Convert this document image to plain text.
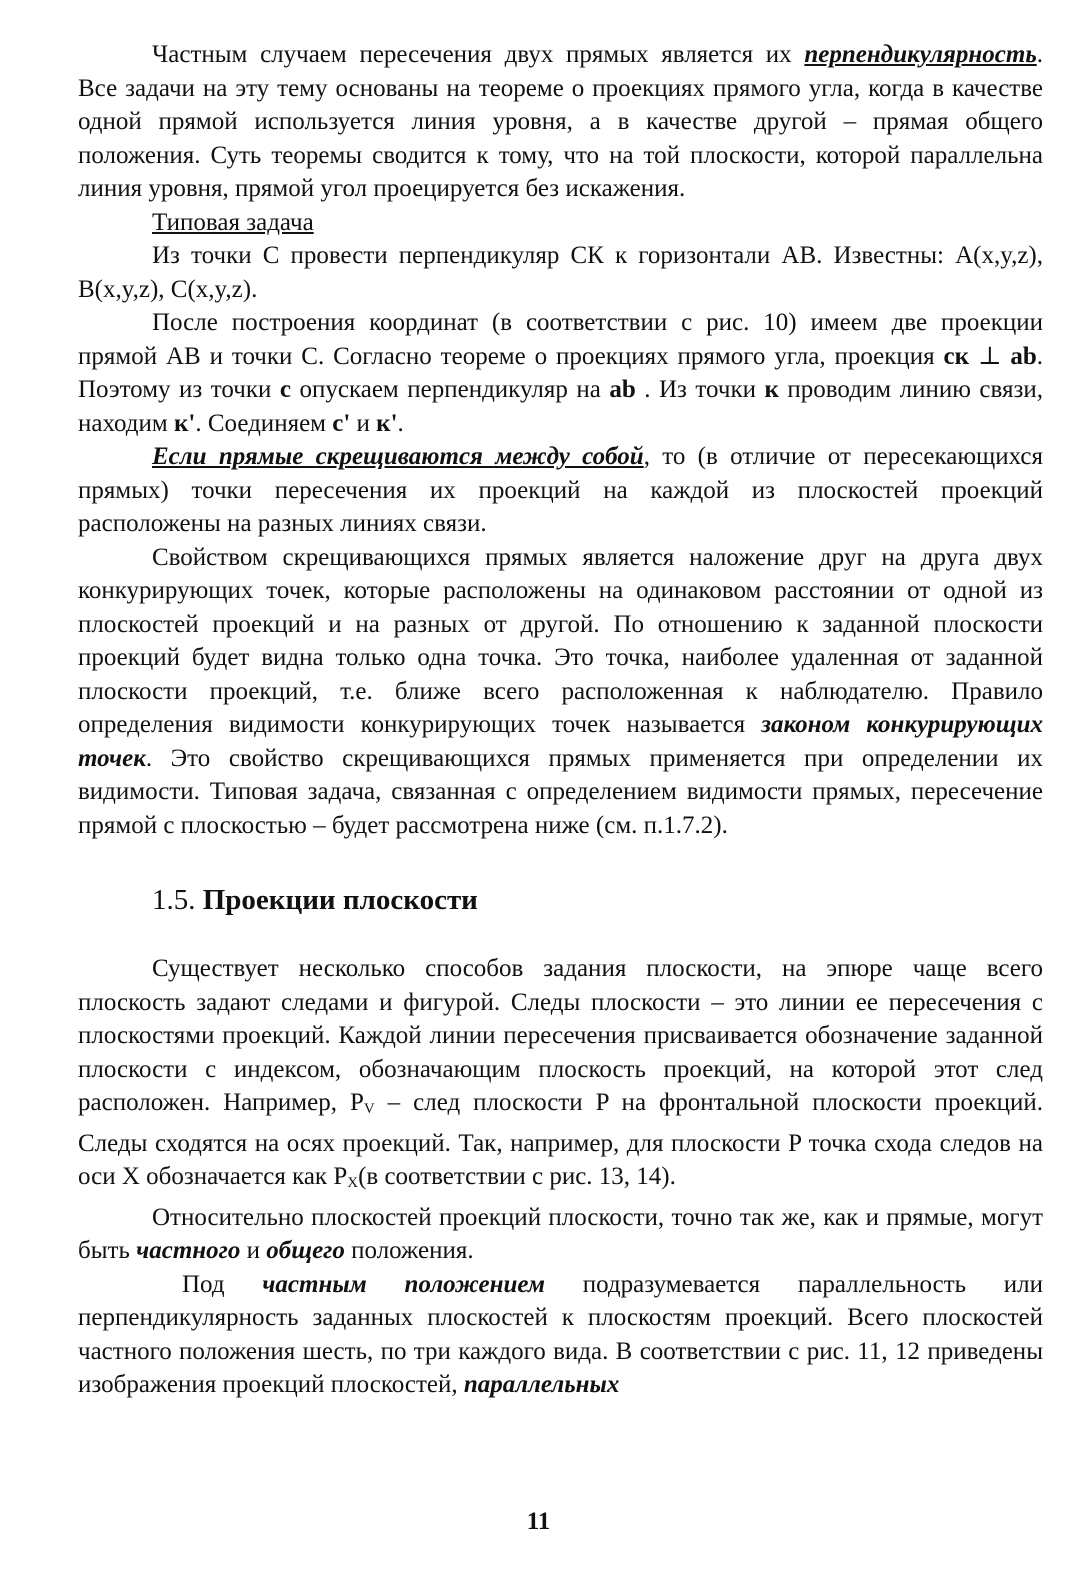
Частным случаем пересечения двух прямых является их перпендикулярность. Все задачи на эту тему основаны на теореме о проекциях прямого угла, когда в качестве одной прямой используется линия уровня, а в качестве другой – прямая общего положения. Суть теоремы сводится к тому, что на той плоскости, которой параллельна линия уровня, прямой угол проецируется без искажения.

Типовая задача

Из точки С провести перпендикуляр СК к горизонтали АВ. Известны: А(x,y,z), B(x,y,z), C(x,y,z).

После построения координат (в соответствии с рис. 10) имеем две проекции прямой АВ и точки С. Согласно теореме о проекциях прямого угла, проекция ск ⊥ ab. Поэтому из точки с опускаем перпендикуляр на ab . Из точки к проводим линию связи, находим к'. Соединяем с' и к'.

Если прямые скрещиваются между собой, то (в отличие от пересекающихся прямых) точки пересечения их проекций на каждой из плоскостей проекций расположены на разных линиях связи.

Свойством скрещивающихся прямых является наложение друг на друга двух конкурирующих точек, которые расположены на одинаковом расстоянии от одной из плоскостей проекций и на разных от другой. По отношению к заданной плоскости проекций будет видна только одна точка. Это точка, наиболее удаленная от заданной плоскости проекций, т.е. ближе всего расположенная к наблюдателю. Правило определения видимости конкурирующих точек называется законом конкурирующих точек. Это свойство скрещивающихся прямых применяется при определении их видимости. Типовая задача, связанная с определением видимости прямых, пересечение прямой с плоскостью – будет рассмотрена ниже (см. п.1.7.2).

1.5. Проекции плоскости

Существует несколько способов задания плоскости, на эпюре чаще всего плоскость задают следами и фигурой. Следы плоскости – это линии ее пересечения с плоскостями проекций. Каждой линии пересечения присваивается обозначение заданной плоскости с индексом, обозначающим плоскость проекций, на которой этот след расположен. Например, $P_V$ – след плоскости P на фронтальной плоскости проекций. Следы сходятся на осях проекций. Так, например, для плоскости P точка схода следов на оси X обозначается как $P_X(в$ соответствии с рис. 13, 14).

Относительно плоскостей проекций плоскости, точно так же, как и прямые, могут быть частного и общего положения.

Под частным положением подразумевается параллельность или перпендикулярность заданных плоскостей к плоскостям проекций. Всего плоскостей частного положения шесть, по три каждого вида. В соответствии с рис. 11, 12 приведены изображения проекций плоскостей, параллельных

11
